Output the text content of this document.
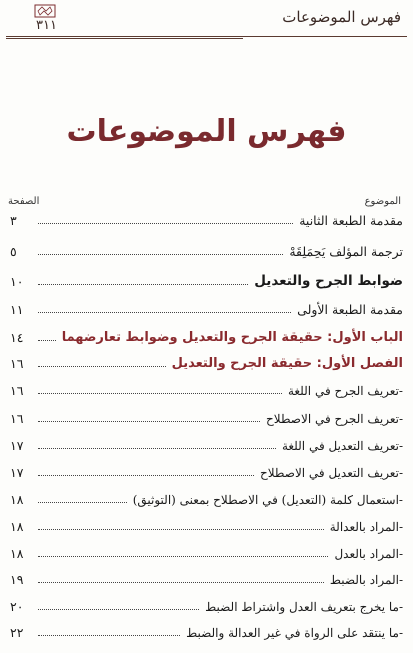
فهرس الموضوعات
٣١١
فهرس الموضوعات
الموضوع
الصفحة
مقدمة الطبعة الثانية
٣
ترجمة المؤلف يَحِمَلِقَهْ
٥
ضوابط الجرح والتعديل
١٠
مقدمة الطبعة الأولى
١١
الباب الأول: حقيقة الجرح والتعديل وضوابط تعارضهما
١٤
الفصل الأول: حقيقة الجرح والتعديل
١٦
-تعريف الجرح في اللغة
١٦
-تعريف الجرح في الاصطلاح
١٦
-تعريف التعديل في اللغة
١٧
-تعريف التعديل في الاصطلاح
١٧
-استعمال كلمة (التعديل) في الاصطلاح بمعنى (التوثيق)
١٨
-المراد بالعدالة
١٨
-المراد بالعدل
١٨
-المراد بالضبط
١٩
-ما يخرج بتعريف العدل واشتراط الضبط
٢٠
-ما ينتقد على الرواة في غير العدالة والضبط
٢٢
